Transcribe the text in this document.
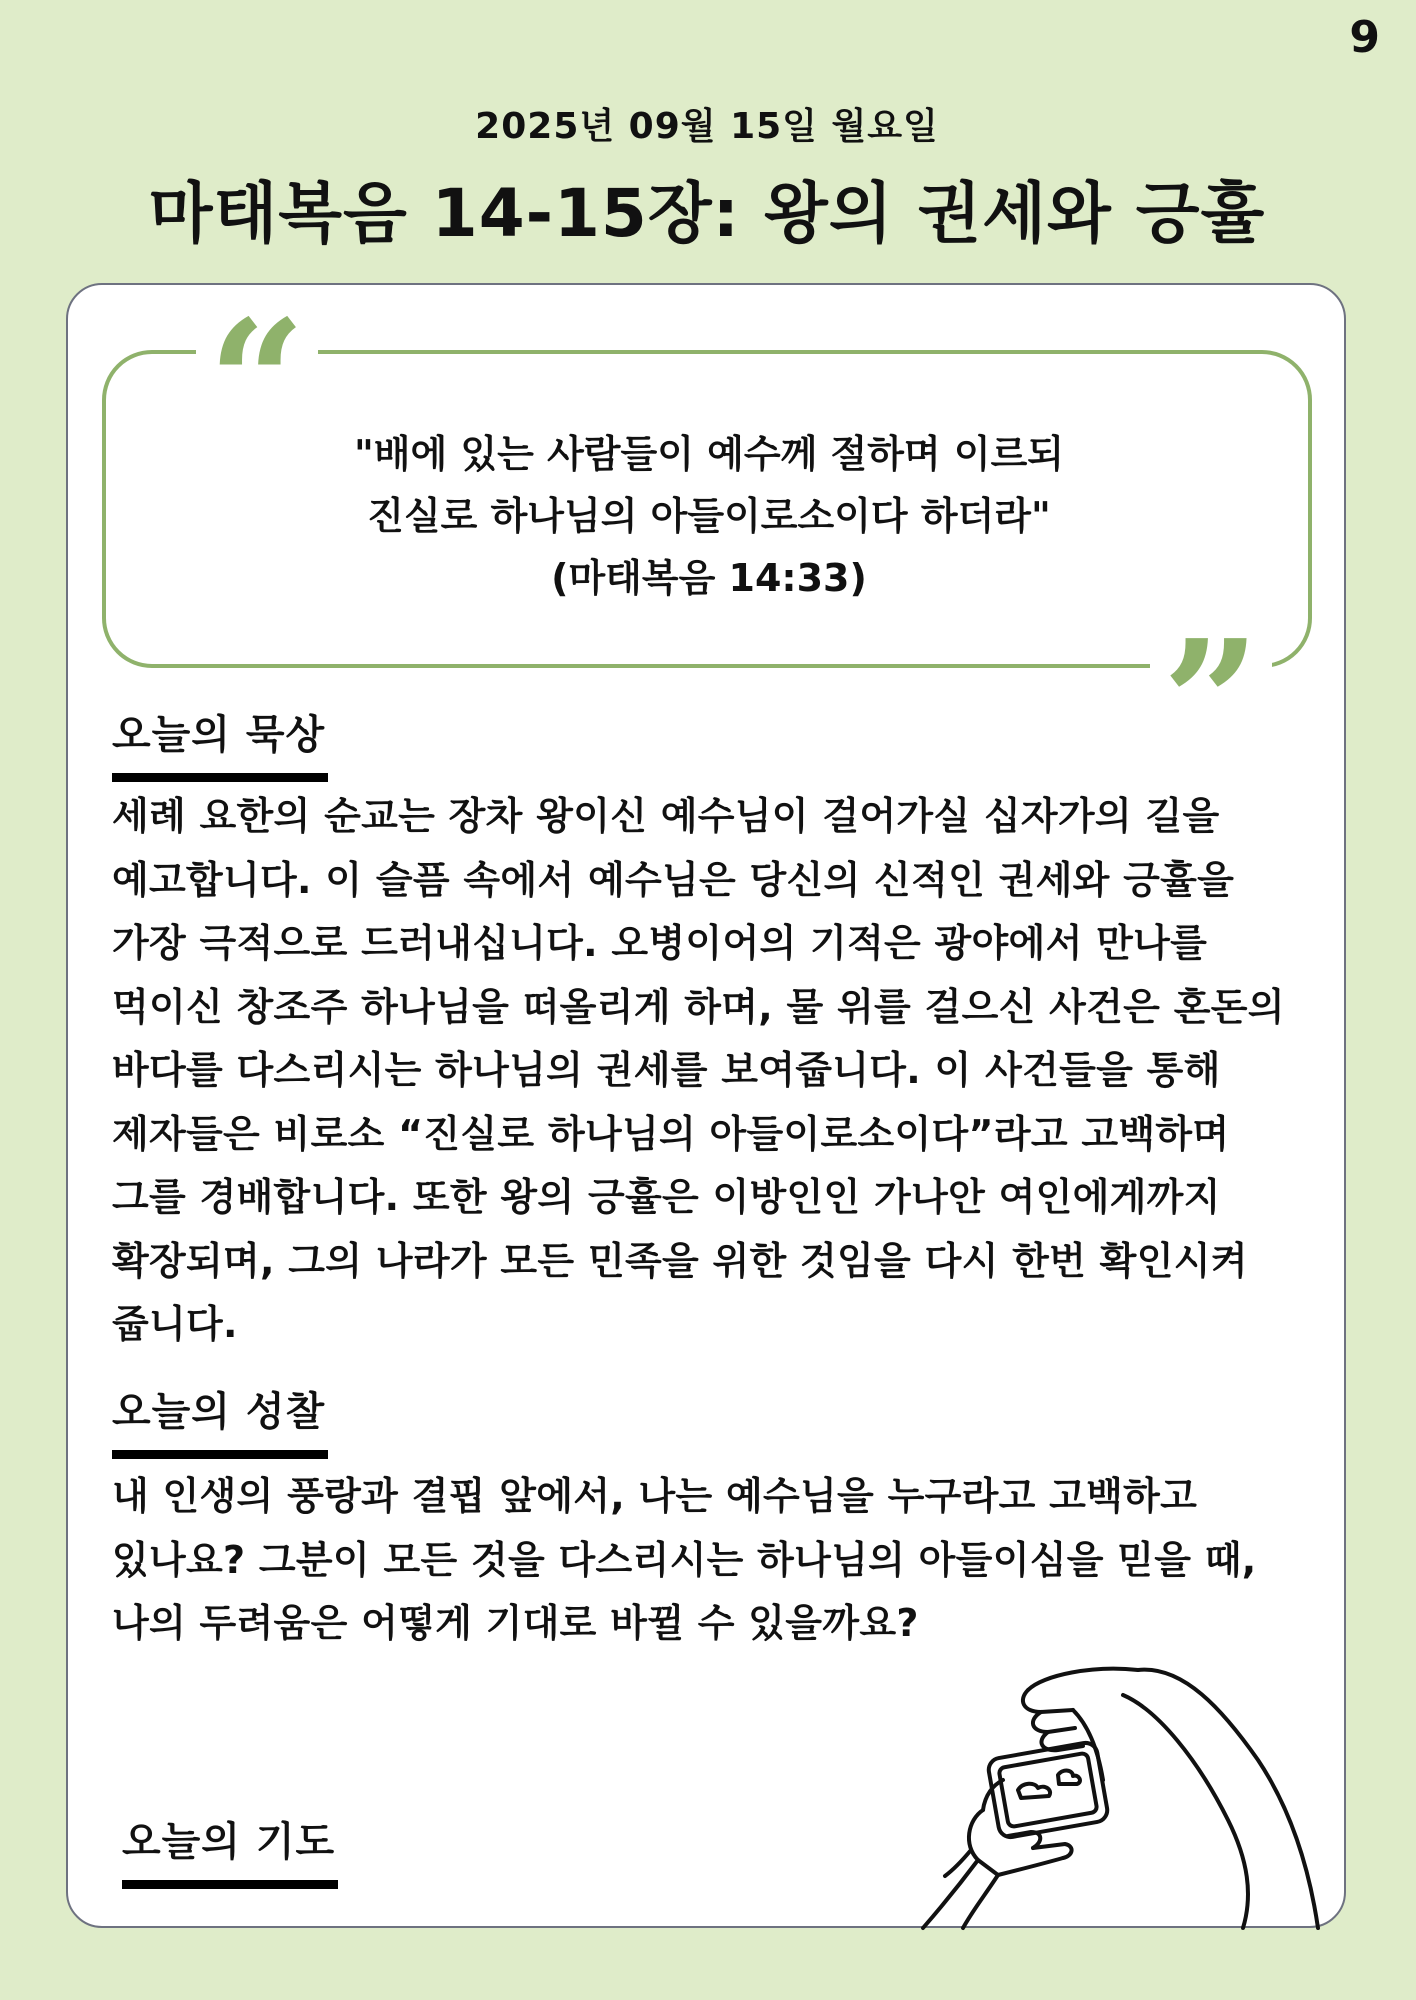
9
2025년 09월 15일 월요일
마태복음 14-15장: 왕의 권세와 긍휼
“
”
"배에 있는 사람들이 예수께 절하며 이르되
진실로 하나님의 아들이로소이다 하더라"
(마태복음 14:33)
오늘의 묵상
세례 요한의 순교는 장차 왕이신 예수님이 걸어가실 십자가의 길을
예고합니다. 이 슬픔 속에서 예수님은 당신의 신적인 권세와 긍휼을
가장 극적으로 드러내십니다. 오병이어의 기적은 광야에서 만나를
먹이신 창조주 하나님을 떠올리게 하며, 물 위를 걸으신 사건은 혼돈의
바다를 다스리시는 하나님의 권세를 보여줍니다. 이 사건들을 통해
제자들은 비로소 “진실로 하나님의 아들이로소이다”라고 고백하며
그를 경배합니다. 또한 왕의 긍휼은 이방인인 가나안 여인에게까지
확장되며, 그의 나라가 모든 민족을 위한 것임을 다시 한번 확인시켜
줍니다.
오늘의 성찰
내 인생의 풍랑과 결핍 앞에서, 나는 예수님을 누구라고 고백하고
있나요? 그분이 모든 것을 다스리시는 하나님의 아들이심을 믿을 때,
나의 두려움은 어떻게 기대로 바뀔 수 있을까요?
오늘의 기도
